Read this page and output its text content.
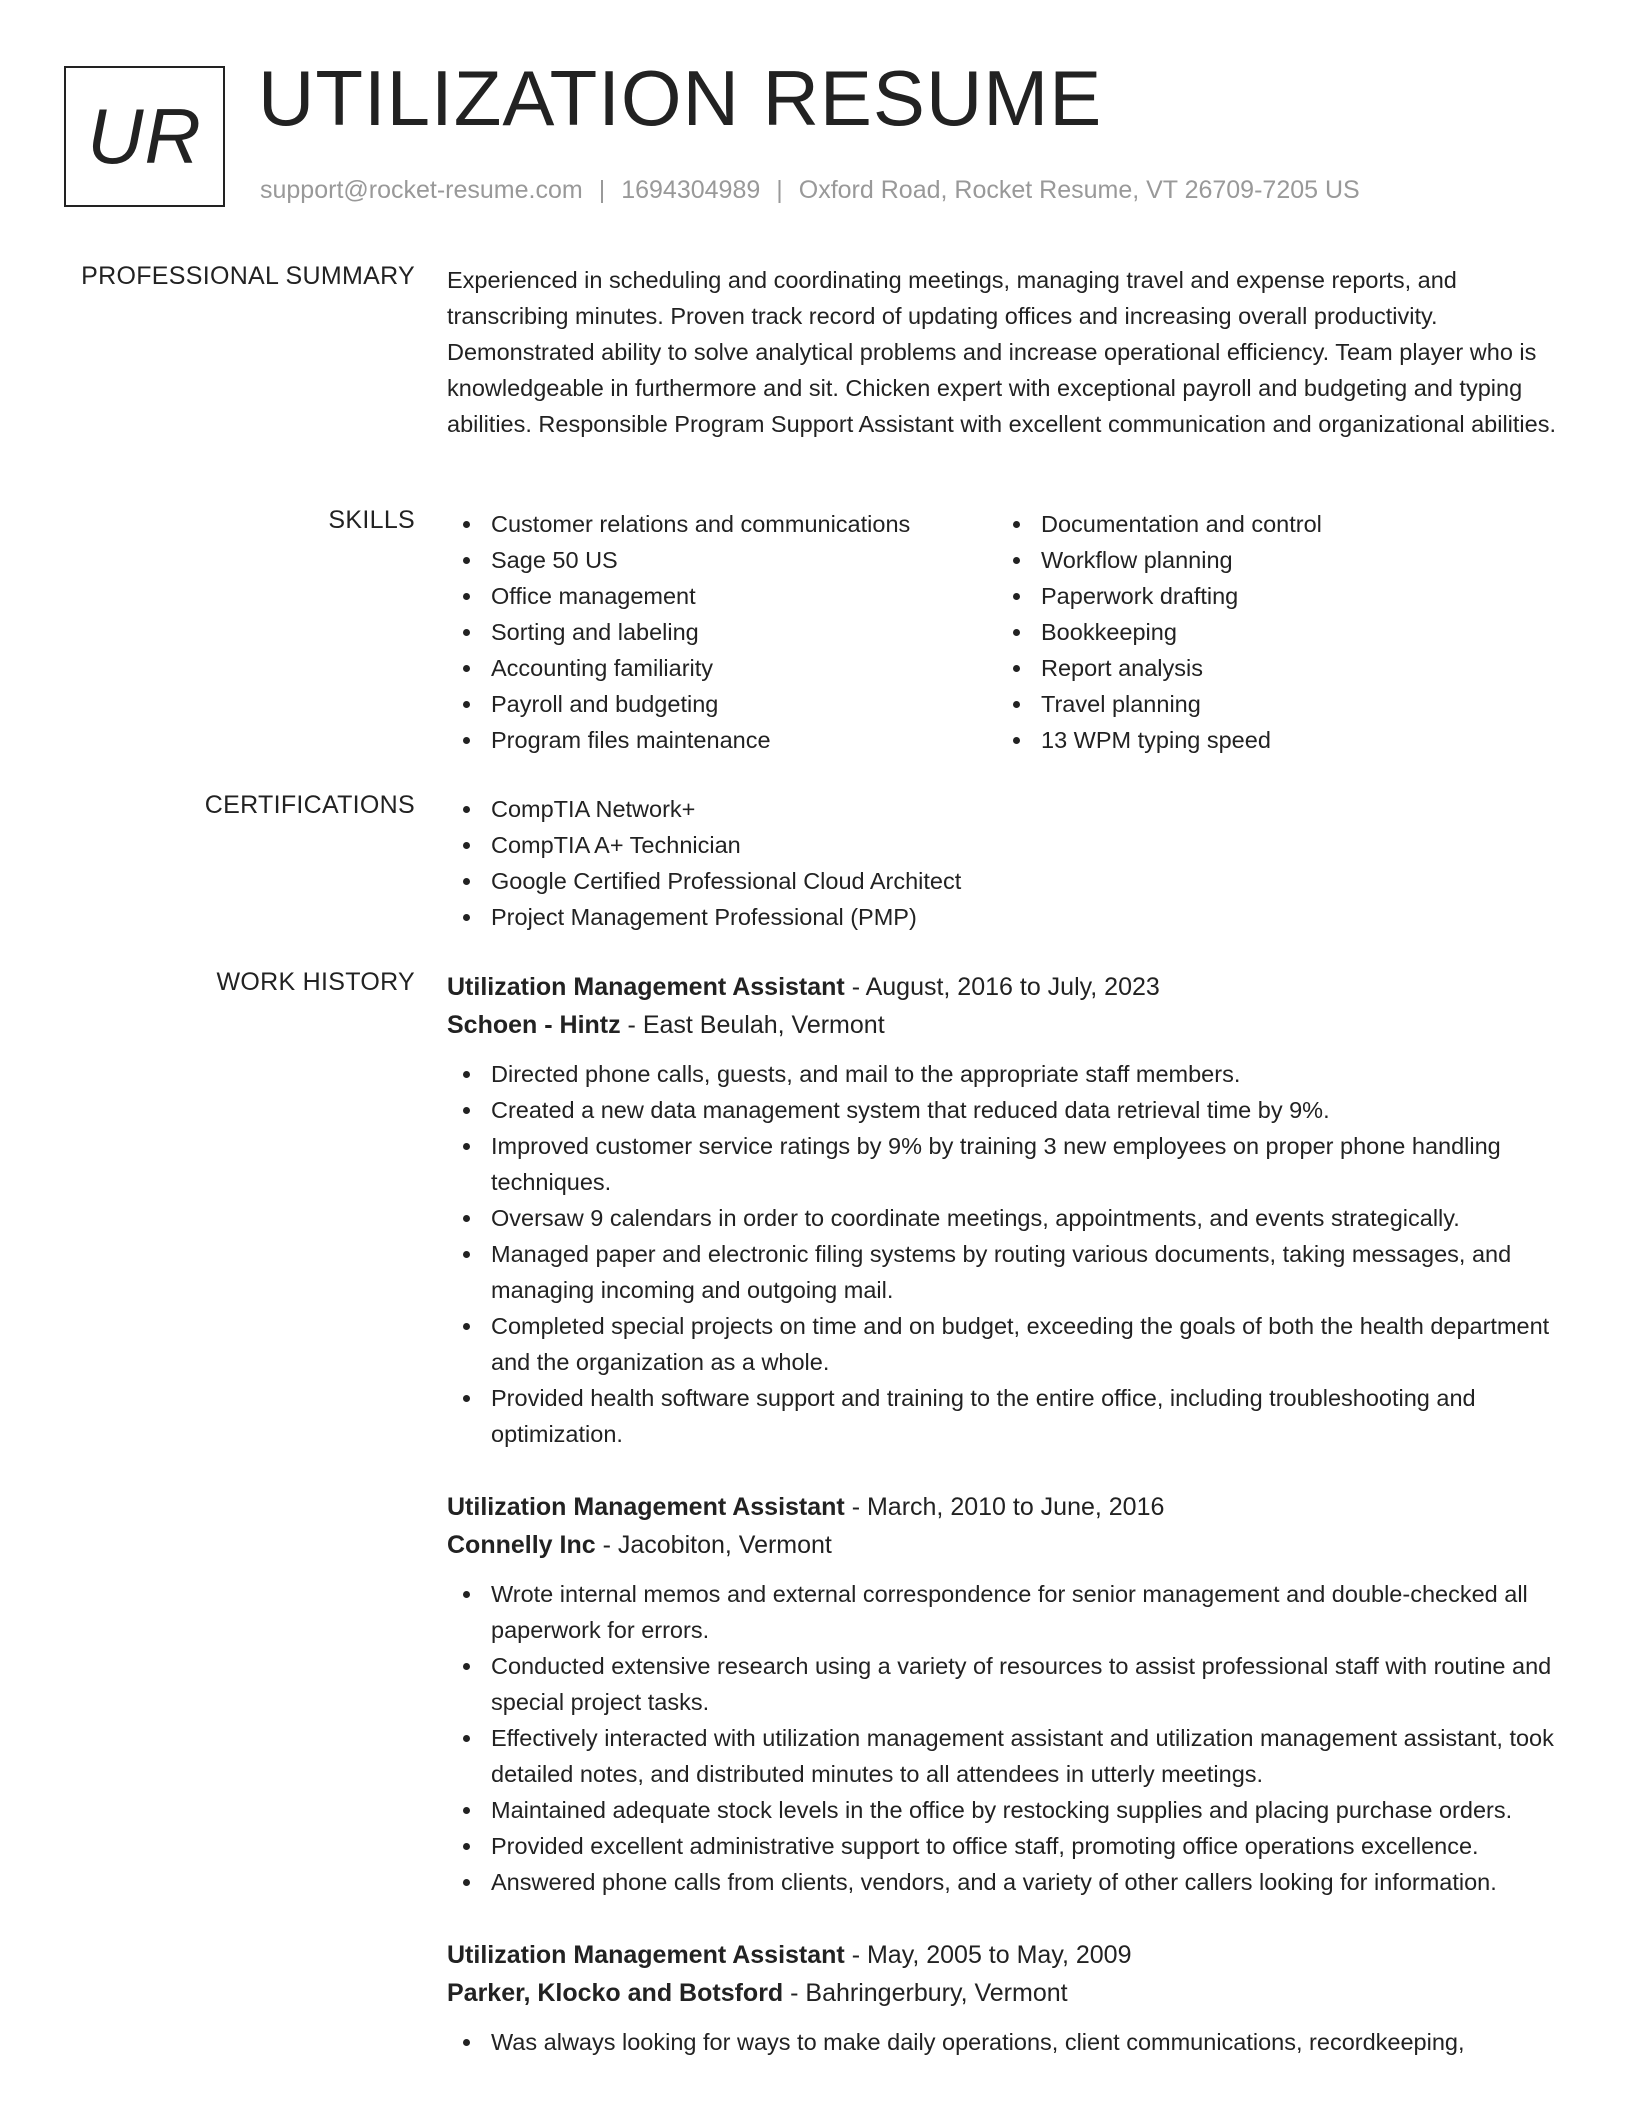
UR UTILIZATION RESUME
support@rocket-resume.com | 1694304989 | Oxford Road, Rocket Resume, VT 26709-7205 US
PROFESSIONAL SUMMARY Experienced in scheduling and coordinating meetings, managing travel and expense reports, and transcribing minutes. Proven track record of updating offices and increasing overall productivity. Demonstrated ability to solve analytical problems and increase operational efficiency. Team player who is knowledgeable in furthermore and sit. Chicken expert with exceptional payroll and budgeting and typing abilities. Responsible Program Support Assistant with excellent communication and organizational abilities.

SKILLS	Customer relations and communications
Sage 50 US
Office management
Sorting and labeling
Accounting familiarity
Payroll and budgeting
Program files maintenance
Documentation and control
Workflow planning
Paperwork drafting
Bookkeeping
Report analysis
Travel planning
13 WPM typing speed
CERTIFICATIONS	CompTIA Network+
CompTIA A+ Technician
Google Certified Professional Cloud Architect
Project Management Professional (PMP)
WORK HISTORY Utilization Management Assistant - August, 2016 to July, 2023
Schoen - Hintz - East Beulah, Vermont
Directed phone calls, guests, and mail to the appropriate staff members.
Created a new data management system that reduced data retrieval time by 9%.
Improved customer service ratings by 9% by training 3 new employees on proper phone handling techniques.
Oversaw 9 calendars in order to coordinate meetings, appointments, and events strategically.
Managed paper and electronic filing systems by routing various documents, taking messages, and managing incoming and outgoing mail.
Completed special projects on time and on budget, exceeding the goals of both the health department and the organization as a whole.
Provided health software support and training to the entire office, including troubleshooting and optimization.
Utilization Management Assistant - March, 2010 to June, 2016
Connelly Inc - Jacobiton, Vermont
Wrote internal memos and external correspondence for senior management and double-checked all paperwork for errors.
Conducted extensive research using a variety of resources to assist professional staff with routine and special project tasks.
Effectively interacted with utilization management assistant and utilization management assistant, took detailed notes, and distributed minutes to all attendees in utterly meetings.
Maintained adequate stock levels in the office by restocking supplies and placing purchase orders.
Provided excellent administrative support to office staff, promoting office operations excellence.
Answered phone calls from clients, vendors, and a variety of other callers looking for information.
Utilization Management Assistant - May, 2005 to May, 2009
Parker, Klocko and Botsford - Bahringerbury, Vermont
Was always looking for ways to make daily operations, client communications, recordkeeping,
